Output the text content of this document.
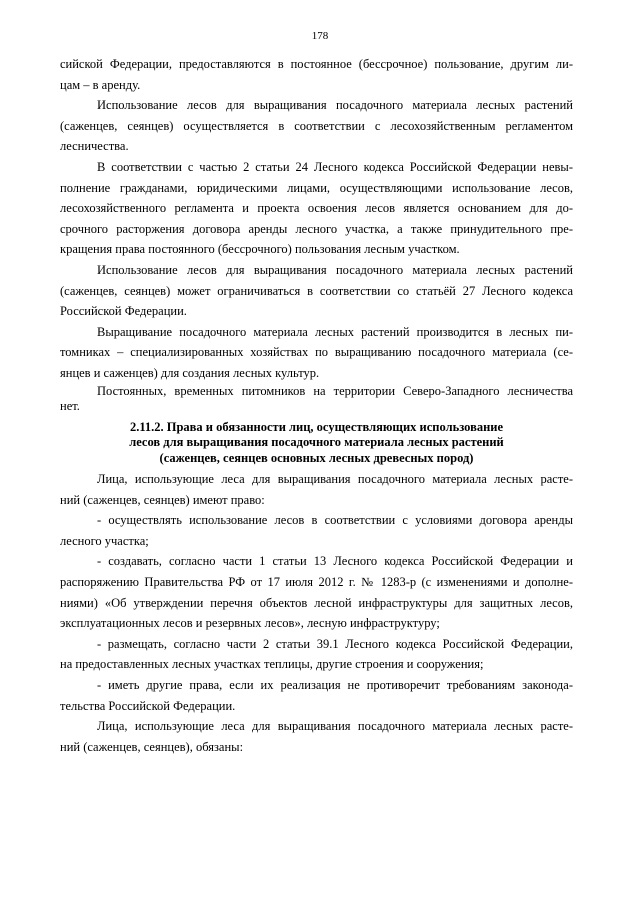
178
сийской Федерации, предоставляются в постоянное (бессрочное) пользование, другим ли-
цам – в аренду.
Использование лесов для выращивания посадочного материала лесных растений
(саженцев, сеянцев) осуществляется в соответствии с лесохозяйственным регламентом
лесничества.
В соответствии с частью 2 статьи 24 Лесного кодекса Российской Федерации невы-
полнение гражданами, юридическими лицами, осуществляющими использование лесов,
лесохозяйственного регламента и проекта освоения лесов является основанием для до-
срочного расторжения договора аренды лесного участка, а также принудительного пре-
кращения права постоянного (бессрочного) пользования лесным участком.
Использование лесов для выращивания посадочного материала лесных растений
(саженцев, сеянцев) может ограничиваться в соответствии со статьёй 27 Лесного кодекса
Российской Федерации.
Выращивание посадочного материала лесных растений производится в лесных пи-
томниках – специализированных хозяйствах по выращиванию посадочного материала (се-
янцев и саженцев) для создания лесных культур.
Постоянных, временных питомников на территории Северо-Западного лесничества
нет.
2.11.2. Права и обязанности лиц, осуществляющих использование
лесов для выращивания посадочного материала лесных растений
(саженцев, сеянцев основных лесных древесных пород)
Лица, использующие леса для выращивания посадочного материала лесных расте-
ний (саженцев, сеянцев) имеют право:
- осуществлять использование лесов в соответствии с условиями договора аренды
лесного участка;
- создавать, согласно части 1 статьи 13 Лесного кодекса Российской Федерации и
распоряжению Правительства РФ от 17 июля 2012 г. № 1283-р (с изменениями и дополне-
ниями) «Об утверждении перечня объектов лесной инфраструктуры для защитных лесов,
эксплуатационных лесов и резервных лесов», лесную инфраструктуру;
- размещать, согласно части 2 статьи 39.1 Лесного кодекса Российской Федерации,
на предоставленных лесных участках теплицы, другие строения и сооружения;
- иметь другие права, если их реализация не противоречит требованиям законода-
тельства Российской Федерации.
Лица, использующие леса для выращивания посадочного материала лесных расте-
ний (саженцев, сеянцев), обязаны:
